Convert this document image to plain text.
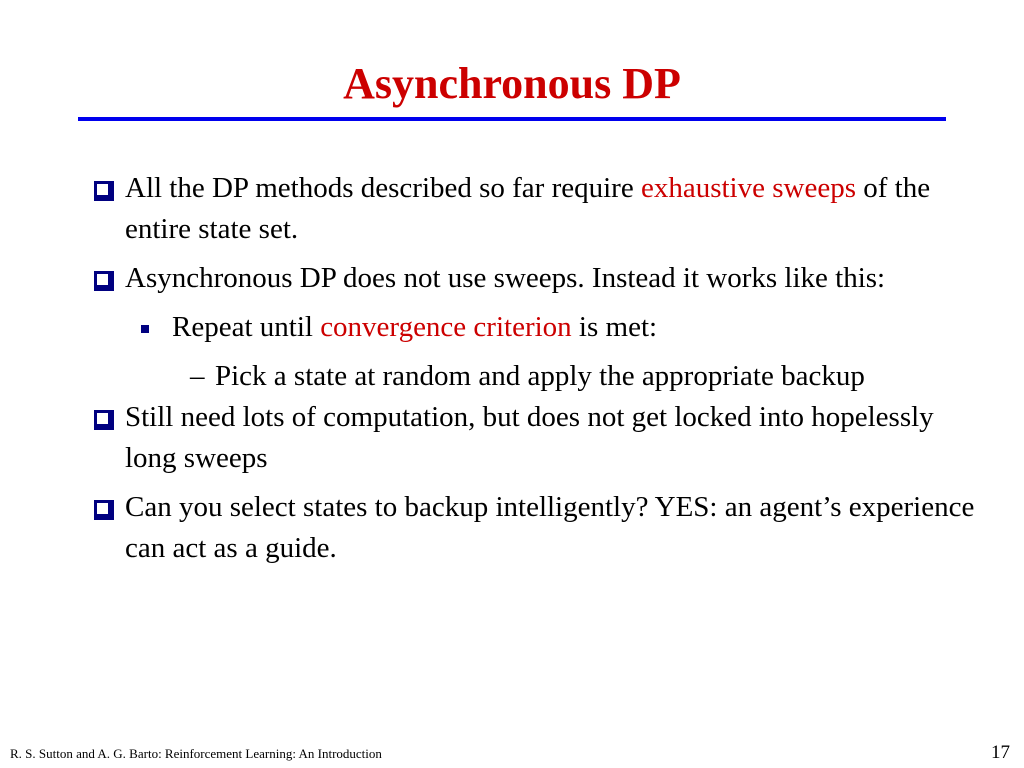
Asynchronous DP
All the DP methods described so far require exhaustive sweeps of the entire state set.
Asynchronous DP does not use sweeps. Instead it works like this:
Repeat until convergence criterion is met:
– Pick a state at random and apply the appropriate backup
Still need lots of computation, but does not get locked into hopelessly long sweeps
Can you select states to backup intelligently? YES: an agent’s experience can act as a guide.
R. S. Sutton and A. G. Barto: Reinforcement Learning: An Introduction	17
